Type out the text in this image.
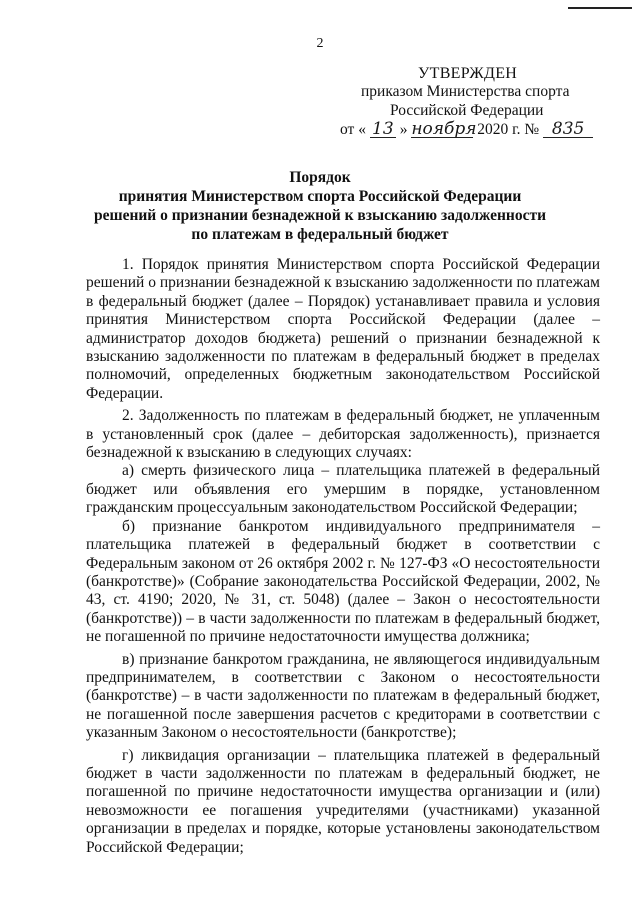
2
УТВЕРЖДЕН
приказом Министерства спорта
Российской Федерации
от « 13 » ноября 2020 г. № 835
Порядок
принятия Министерством спорта Российской Федерации
решений о признании безнадежной к взысканию задолженности
по платежам в федеральный бюджет

1. Порядок принятия Министерством спорта Российской Федерации решений о признании безнадежной к взысканию задолженности по платежам в федеральный бюджет (далее – Порядок) устанавливает правила и условия принятия Министерством спорта Российской Федерации (далее – администратор доходов бюджета) решений о признании безнадежной к взысканию задолженности по платежам в федеральный бюджет в пределах полномочий, определенных бюджетным законодательством Российской Федерации.

2. Задолженность по платежам в федеральный бюджет, не уплаченным в установленный срок (далее – дебиторская задолженность), признается безнадежной к взысканию в следующих случаях:

а) смерть физического лица – плательщика платежей в федеральный бюджет или объявления его умершим в порядке, установленном гражданским процессуальным законодательством Российской Федерации;

б) признание банкротом индивидуального предпринимателя – плательщика платежей в федеральный бюджет в соответствии с Федеральным законом от 26 октября 2002 г. № 127-ФЗ «О несостоятельности (банкротстве)» (Собрание законодательства Российской Федерации, 2002, № 43, ст. 4190; 2020, № 31, ст. 5048) (далее – Закон о несостоятельности (банкротстве)) – в части задолженности по платежам в федеральный бюджет, не погашенной по причине недостаточности имущества должника;

в) признание банкротом гражданина, не являющегося индивидуальным предпринимателем, в соответствии с Законом о несостоятельности (банкротстве) – в части задолженности по платежам в федеральный бюджет, не погашенной после завершения расчетов с кредиторами в соответствии с указанным Законом о несостоятельности (банкротстве);

г) ликвидация организации – плательщика платежей в федеральный бюджет в части задолженности по платежам в федеральный бюджет, не погашенной по причине недостаточности имущества организации и (или) невозможности ее погашения учредителями (участниками) указанной организации в пределах и порядке, которые установлены законодательством Российской Федерации;
